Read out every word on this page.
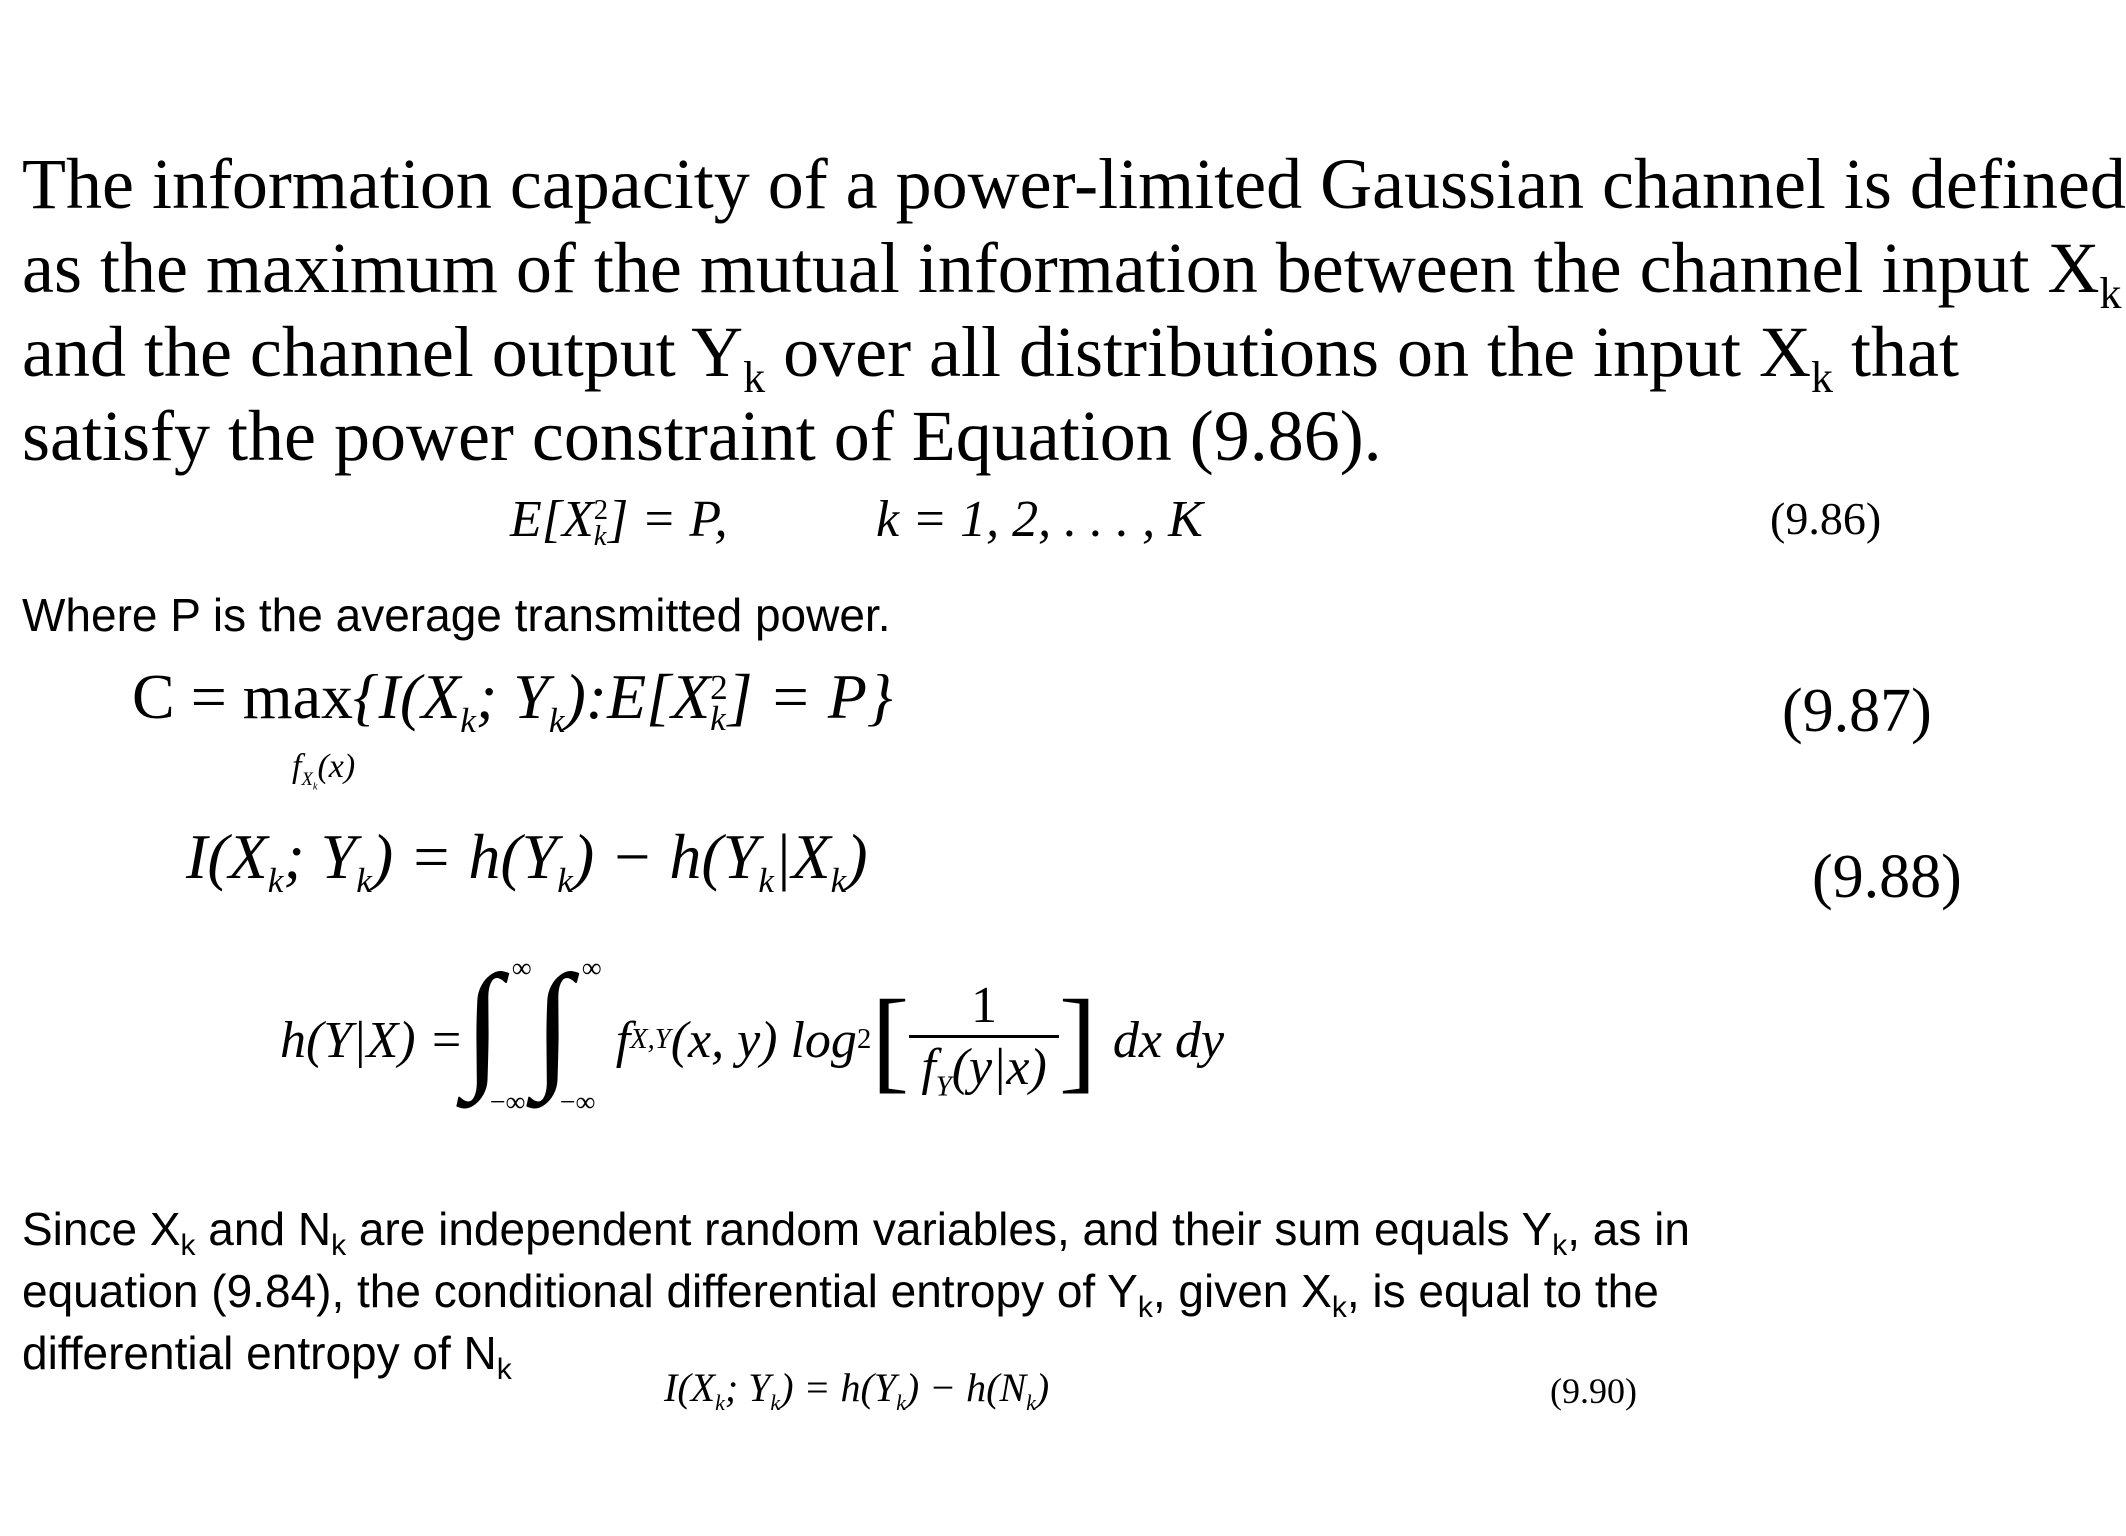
The information capacity of a power-limited Gaussian channel is defined
as the maximum of the mutual information between the channel input $X_k$
and the channel output $Y_k$ over all distributions on the input $X_k$ that
satisfy the power constraint of Equation (9.86).
E[X 2
k ] = P,	k = 1, 2, . . . , K	(9.86)
Where P is the average transmitted power.
$C = \max\{I(X_k$; $Y_k):E[X$ 2
k ] = P}
$f_{X_k}(x)$
(9.87)
$I(X_k$; $Y_k) = h(Y_k) - h(Y_k|X_k)$	(9.88)
h(Y|X) = ∫ ∞
−∞
∫ ∞
−∞
f X,Y (x, y) log 2 [ $\frac{1}{f_Y(y|x)}$ ] dx dy
Since $X_k$ and $N_k$ are independent random variables, and their sum equals $Y_k$, as in
equation (9.84), the conditional differential entropy of $Y_k$, given $X_k$, is equal to the
differential entropy of $N_k$	$I(X_k$; $Y_k) = h(Y_k) - h(N_k)$	(9.90)
